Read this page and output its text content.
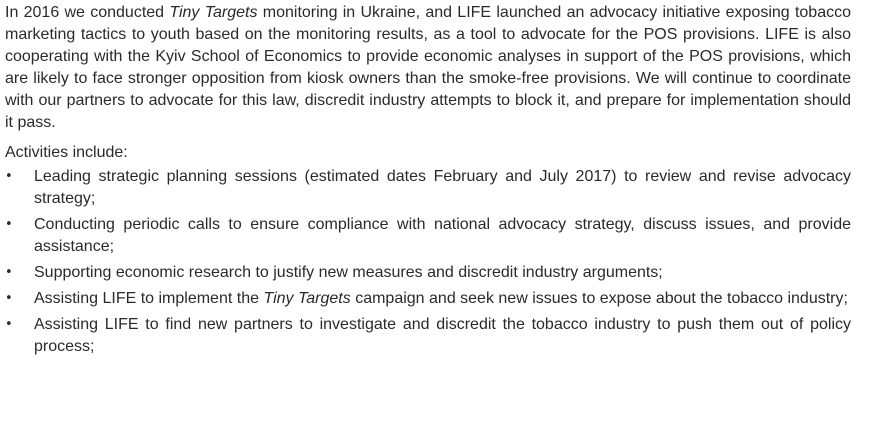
In 2016 we conducted Tiny Targets monitoring in Ukraine, and LIFE launched an advocacy initiative exposing tobacco marketing tactics to youth based on the monitoring results, as a tool to advocate for the POS provisions. LIFE is also cooperating with the Kyiv School of Economics to provide economic analyses in support of the POS provisions, which are likely to face stronger opposition from kiosk owners than the smoke-free provisions. We will continue to coordinate with our partners to advocate for this law, discredit industry attempts to block it, and prepare for implementation should it pass.

Activities include:

•	Leading strategic planning sessions (estimated dates February and July 2017) to review and revise advocacy strategy;
•	Conducting periodic calls to ensure compliance with national advocacy strategy, discuss issues, and provide assistance;
•	Supporting economic research to justify new measures and discredit industry arguments;
•	Assisting LIFE to implement the Tiny Targets campaign and seek new issues to expose about the tobacco industry;
•	Assisting LIFE to find new partners to investigate and discredit the tobacco industry to push them out of policy process;
